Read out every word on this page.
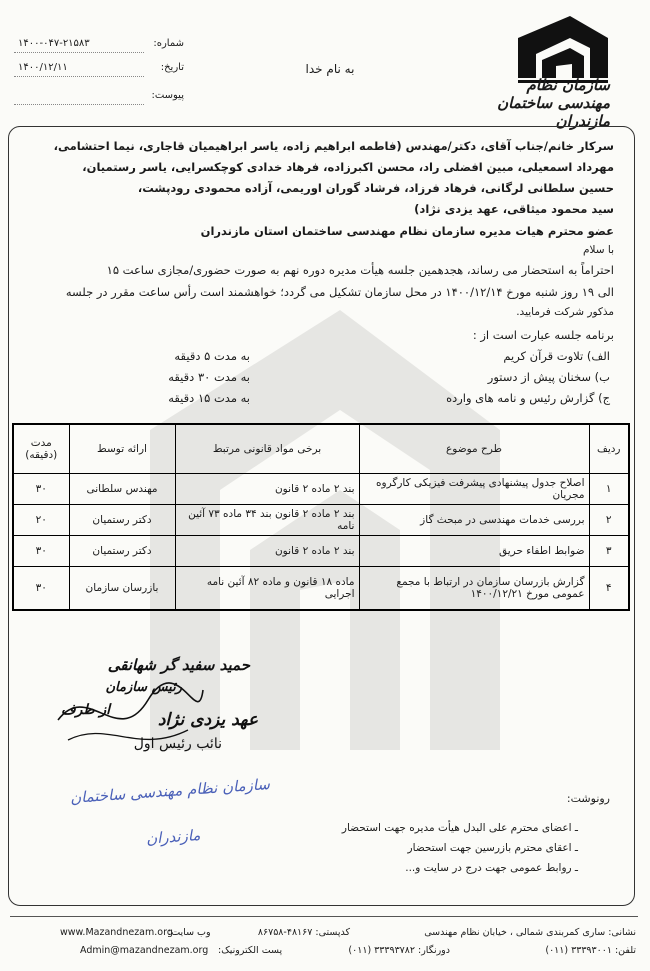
سازمان نظام مهندسی ساختمان مازندران
به نام خدا
شماره:
۱۴۰۰-۰۴۷-۲۱۵۸۳
تاریخ:
۱۴۰۰/۱۲/۱۱
پیوست:
سرکار خانم/جناب آقای، دکتر/مهندس (فاطمه ابراهیم زاده، یاسر ابراهیمیان قاجاری، نیما احتشامی،
مهرداد اسمعیلی، مبین افضلی راد، محسن اکبرزاده، فرهاد خدادی کوچکسرایی، یاسر رستمیان،
حسین سلطانی لرگانی، فرهاد فرزاد، فرشاد گوران اوریمی، آزاده محمودی رودپشت،
سید محمود میثاقی، عهد یزدی نژاد)
عضو محترم هیات مدیره سازمان نظام مهندسی ساختمان استان مازندران
با سلام
احتراماً به استحضار می رساند، هجدهمین جلسه هیأت مدیره دوره نهم به صورت حضوری/مجازی ساعت ۱۵
الی ۱۹ روز شنبه مورخ ۱۴۰۰/۱۲/۱۴ در محل سازمان تشکیل می گردد؛ خواهشمند است رأس ساعت مقرر در جلسه
مذکور شرکت فرمایید.
برنامه جلسه عبارت است از :
الف) تلاوت قرآن کریم
به مدت ۵ دقیقه
ب) سخنان پیش از دستور
به مدت ۳۰ دقیقه
ج) گزارش رئیس و نامه های وارده
به مدت ۱۵ دقیقه
ردیف	طرح موضوع	برخی مواد قانونی مرتبط	ارائه توسط	مدت
(دقیقه)

۱	اصلاح جدول پیشنهادی پیشرفت فیزیکی کارگروه مجریان	بند ۲ ماده ۲ قانون	مهندس سلطانی	۳۰
۲	بررسی خدمات مهندسی در مبحث گاز	بند ۲ ماده ۲ قانون بند ۳۴ ماده ۷۳ آئین نامه	دکتر رستمیان	۲۰
۳	ضوابط اطفاء حریق	بند ۲ ماده ۲ قانون	دکتر رستمیان	۳۰
۴	گزارش بازرسان سازمان در ارتباط با مجمع عمومی مورخ ۱۴۰۰/۱۲/۲۱	ماده ۱۸ قانون و ماده ۸۲ آئین نامه اجرایی	بازرسان سازمان	۳۰
حمید سفید گر شهانقی
رئیس سازمان
از طرف	عهد یزدی نژاد
نائب رئیس اول
سازمان نظام مهندسی ساختمان مازندران
رونوشت:
ـ اعضای محترم علی البدل هیأت مدیره جهت استحضار
ـ اعقای محترم بازرسین جهت استحضار
ـ روابط عمومی جهت درج در سایت و...
نشانی: ساری کمربندی شمالی ، خیابان نظام مهندسی
کدپستی: ۴۸۱۶۷-۸۶۷۵۸
وب سایت:
www.Mazandnezam.org
تلفن: ۳۳۳۹۳۰۰۱ (۰۱۱)
دورنگار: ۳۳۳۹۳۷۸۲ (۰۱۱)
پست الکترونیک:
Admin@mazandnezam.org
